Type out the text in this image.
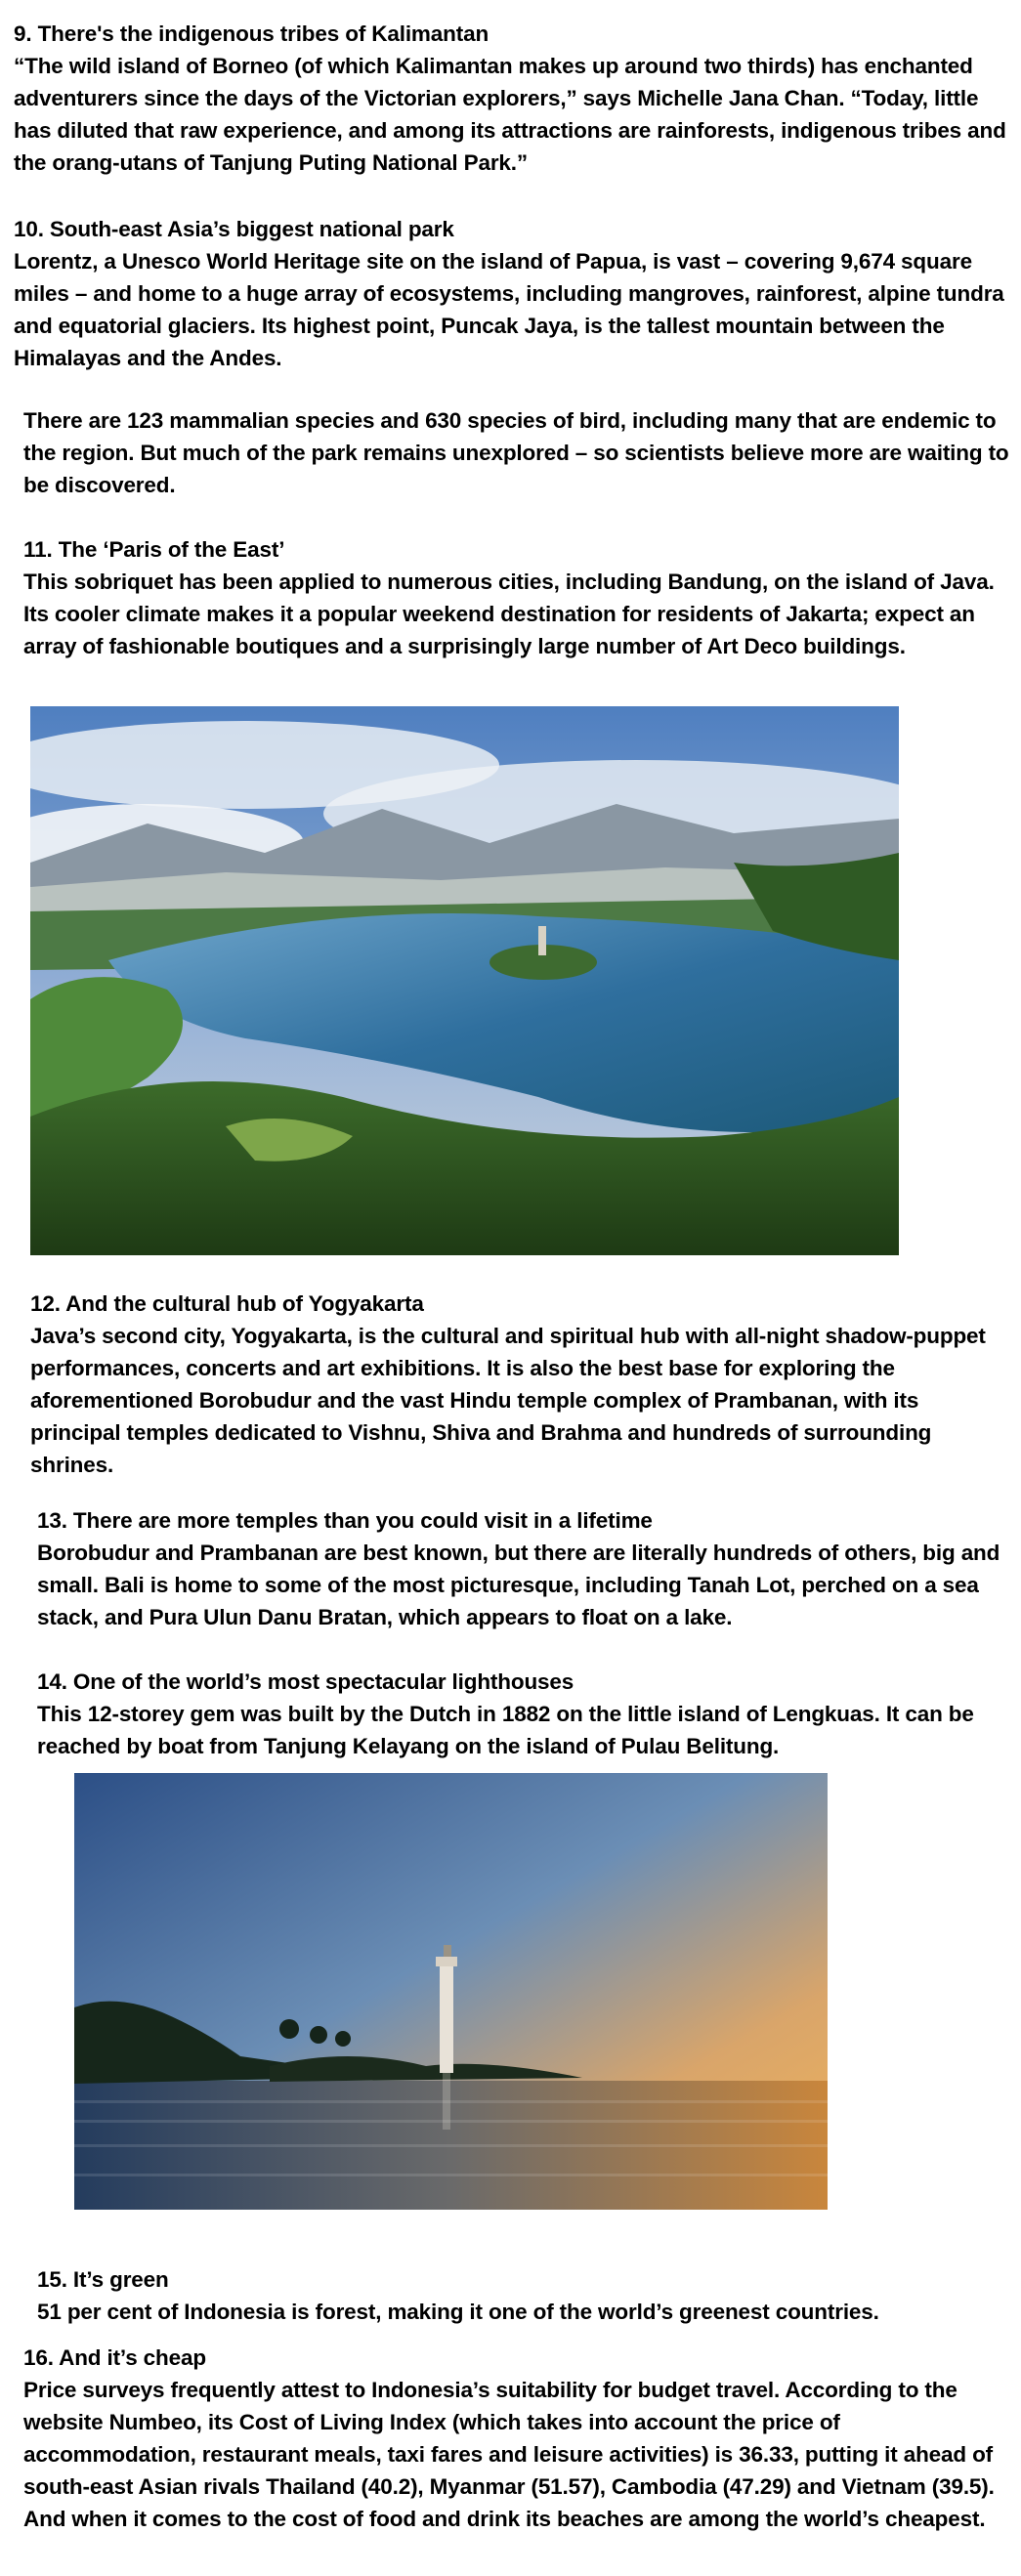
9. There's the indigenous tribes of Kalimantan

“The wild island of Borneo (of which Kalimantan makes up around two thirds) has enchanted adventurers since the days of the Victorian explorers,” says Michelle Jana Chan. “Today, little has diluted that raw experience, and among its attractions are rainforests, indigenous tribes and the orang-utans of Tanjung Puting National Park.”

10. South-east Asia’s biggest national park

Lorentz, a Unesco World Heritage site on the island of Papua, is vast – covering 9,674 square miles – and home to a huge array of ecosystems, including mangroves, rainforest, alpine tundra and equatorial glaciers. Its highest point, Puncak Jaya, is the tallest mountain between the Himalayas and the Andes.

There are 123 mammalian species and 630 species of bird, including many that are endemic to the region. But much of the park remains unexplored – so scientists believe more are waiting to be discovered.

11. The ‘Paris of the East’

This sobriquet has been applied to numerous cities, including Bandung, on the island of Java. Its cooler climate makes it a popular weekend destination for residents of Jakarta; expect an array of fashionable boutiques and a surprisingly large number of Art Deco buildings.

12. And the cultural hub of Yogyakarta

Java’s second city, Yogyakarta, is the cultural and spiritual hub with all-night shadow-puppet performances, concerts and art exhibitions. It is also the best base for exploring the aforementioned Borobudur and the vast Hindu temple complex of Prambanan, with its principal temples dedicated to Vishnu, Shiva and Brahma and hundreds of surrounding shrines.

13. There are more temples than you could visit in a lifetime

Borobudur and Prambanan are best known, but there are literally hundreds of others, big and small. Bali is home to some of the most picturesque, including Tanah Lot, perched on a sea stack, and Pura Ulun Danu Bratan, which appears to float on a lake.

14. One of the world’s most spectacular lighthouses

This 12-storey gem was built by the Dutch in 1882 on the little island of Lengkuas. It can be reached by boat from Tanjung Kelayang on the island of Pulau Belitung.

15. It’s green

51 per cent of Indonesia is forest, making it one of the world’s greenest countries.

16. And it’s cheap

Price surveys frequently attest to Indonesia’s suitability for budget travel. According to the website Numbeo, its Cost of Living Index (which takes into account the price of accommodation, restaurant meals, taxi fares and leisure activities) is 36.33, putting it ahead of south-east Asian rivals Thailand (40.2), Myanmar (51.57), Cambodia (47.29) and Vietnam (39.5). And when it comes to the cost of food and drink its beaches are among the world’s cheapest.
